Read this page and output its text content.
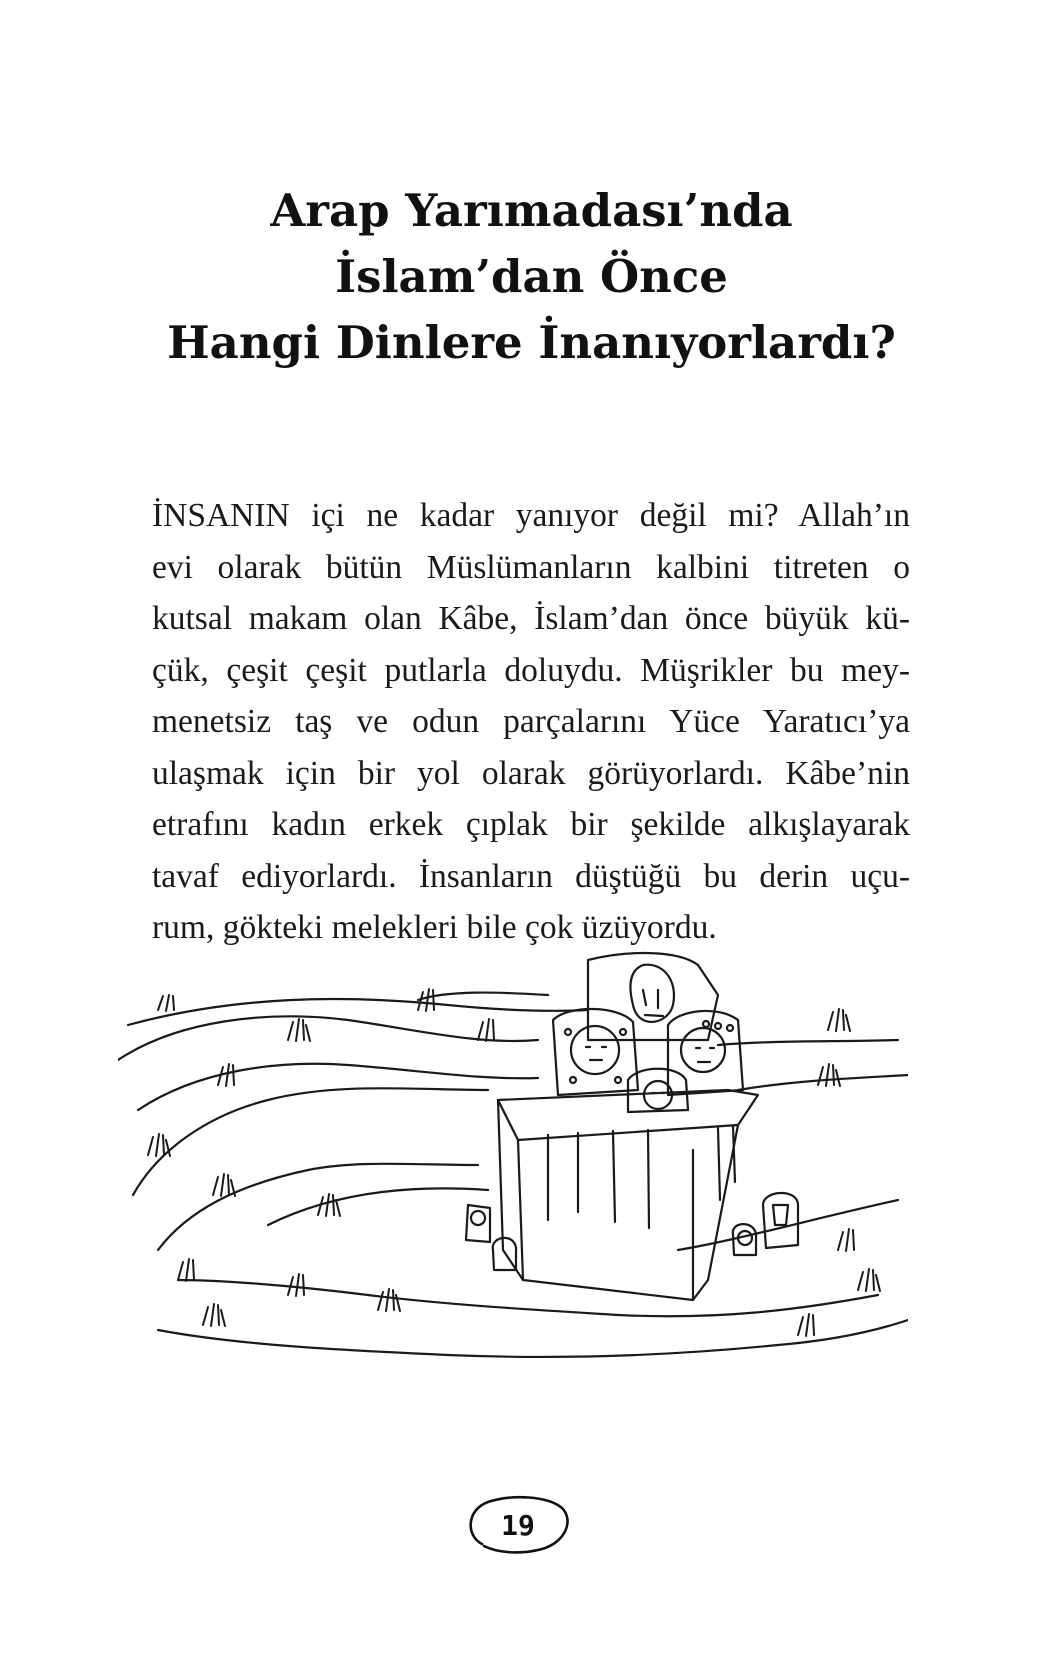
Arap Yarımadası’nda
İslam’dan Önce
Hangi Dinlere İnanıyorlardı?
İNSANIN içi ne kadar yanıyor değil mi? Allah’ın
evi olarak bütün Müslümanların kalbini titreten o
kutsal makam olan Kâbe, İslam’dan önce büyük kü-
çük, çeşit çeşit putlarla doluydu. Müşrikler bu mey-
menetsiz taş ve odun parçalarını Yüce Yaratıcı’ya
ulaşmak için bir yol olarak görüyorlardı. Kâbe’nin
etrafını kadın erkek çıplak bir şekilde alkışlayarak
tavaf ediyorlardı. İnsanların düştüğü bu derin uçu-
rum, gökteki melekleri bile çok üzüyordu.
19
